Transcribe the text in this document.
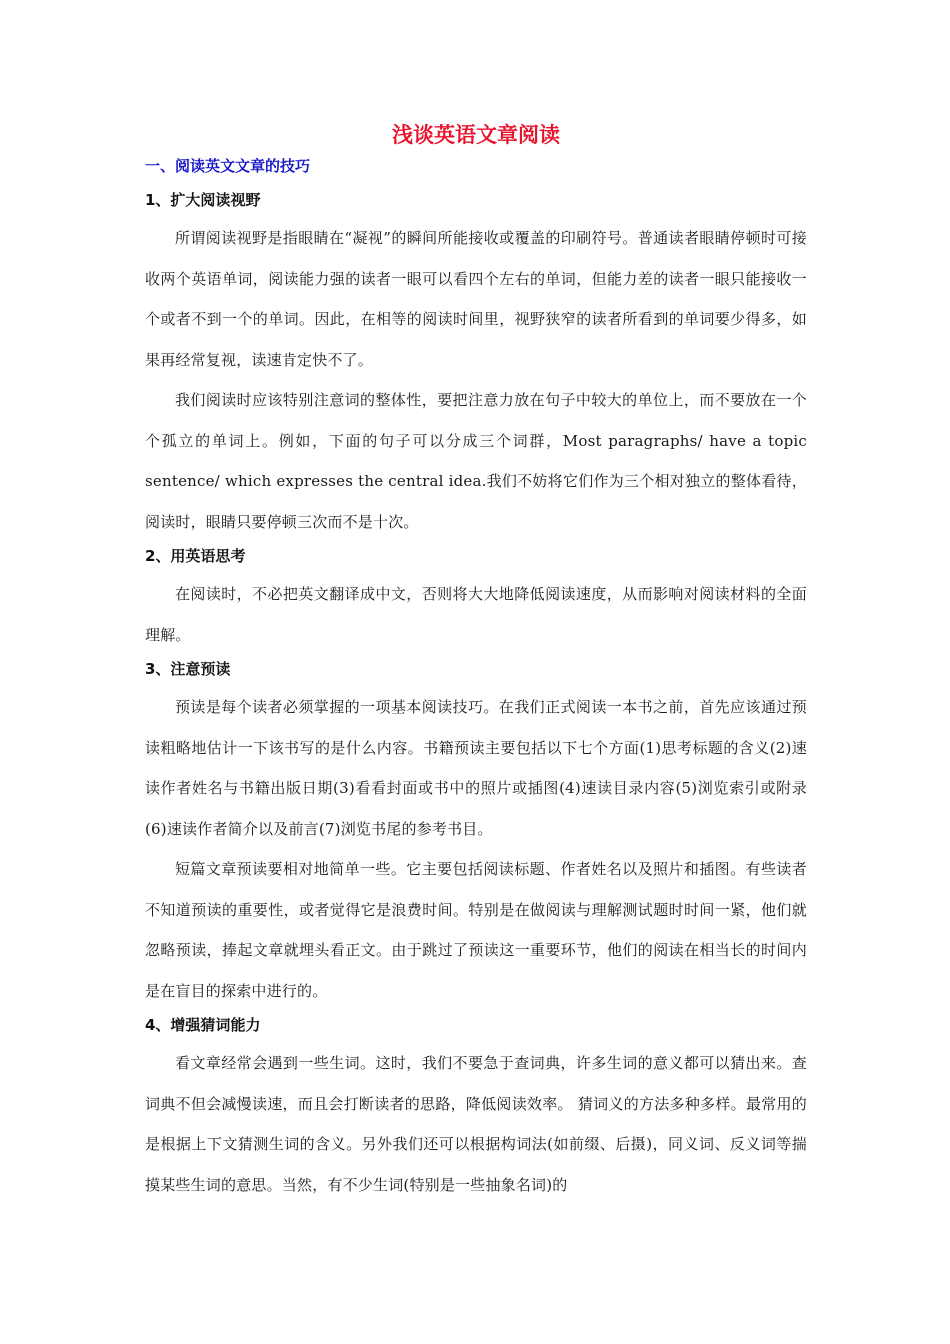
浅谈英语文章阅读
一、阅读英文文章的技巧
1、扩大阅读视野

所谓阅读视野是指眼睛在“凝视”的瞬间所能接收或覆盖的印刷符号。普通读者眼睛停顿时可接收两个英语单词，阅读能力强的读者一眼可以看四个左右的单词，但能力差的读者一眼只能接收一个或者不到一个的单词。因此，在相等的阅读时间里，视野狭窄的读者所看到的单词要少得多，如果再经常复视，读速肯定快不了。

我们阅读时应该特别注意词的整体性，要把注意力放在句子中较大的单位上，而不要放在一个个孤立的单词上。例如，下面的句子可以分成三个词群，Most paragraphs/ have a topic sentence/ which expresses the central idea.我们不妨将它们作为三个相对独立的整体看待，阅读时，眼睛只要停顿三次而不是十次。

2、用英语思考

在阅读时，不必把英文翻译成中文，否则将大大地降低阅读速度，从而影响对阅读材料的全面理解。

3、注意预读

预读是每个读者必须掌握的一项基本阅读技巧。在我们正式阅读一本书之前，首先应该通过预读粗略地估计一下该书写的是什么内容。书籍预读主要包括以下七个方面(1)思考标题的含义(2)速读作者姓名与书籍出版日期(3)看看封面或书中的照片或插图(4)速读目录内容(5)浏览索引或附录(6)速读作者简介以及前言(7)浏览书尾的参考书目。

短篇文章预读要相对地简单一些。它主要包括阅读标题、作者姓名以及照片和插图。有些读者不知道预读的重要性，或者觉得它是浪费时间。特别是在做阅读与理解测试题时时间一紧，他们就忽略预读，捧起文章就埋头看正文。由于跳过了预读这一重要环节，他们的阅读在相当长的时间内是在盲目的探索中进行的。

4、增强猜词能力

看文章经常会遇到一些生词。这时，我们不要急于查词典，许多生词的意义都可以猜出来。查词典不但会减慢读速，而且会打断读者的思路，降低阅读效率。 猜词义的方法多种多样。最常用的是根据上下文猜测生词的含义。另外我们还可以根据构词法(如前缀、后摄)，同义词、反义词等揣摸某些生词的意思。当然，有不少生词(特别是一些抽象名词)的
